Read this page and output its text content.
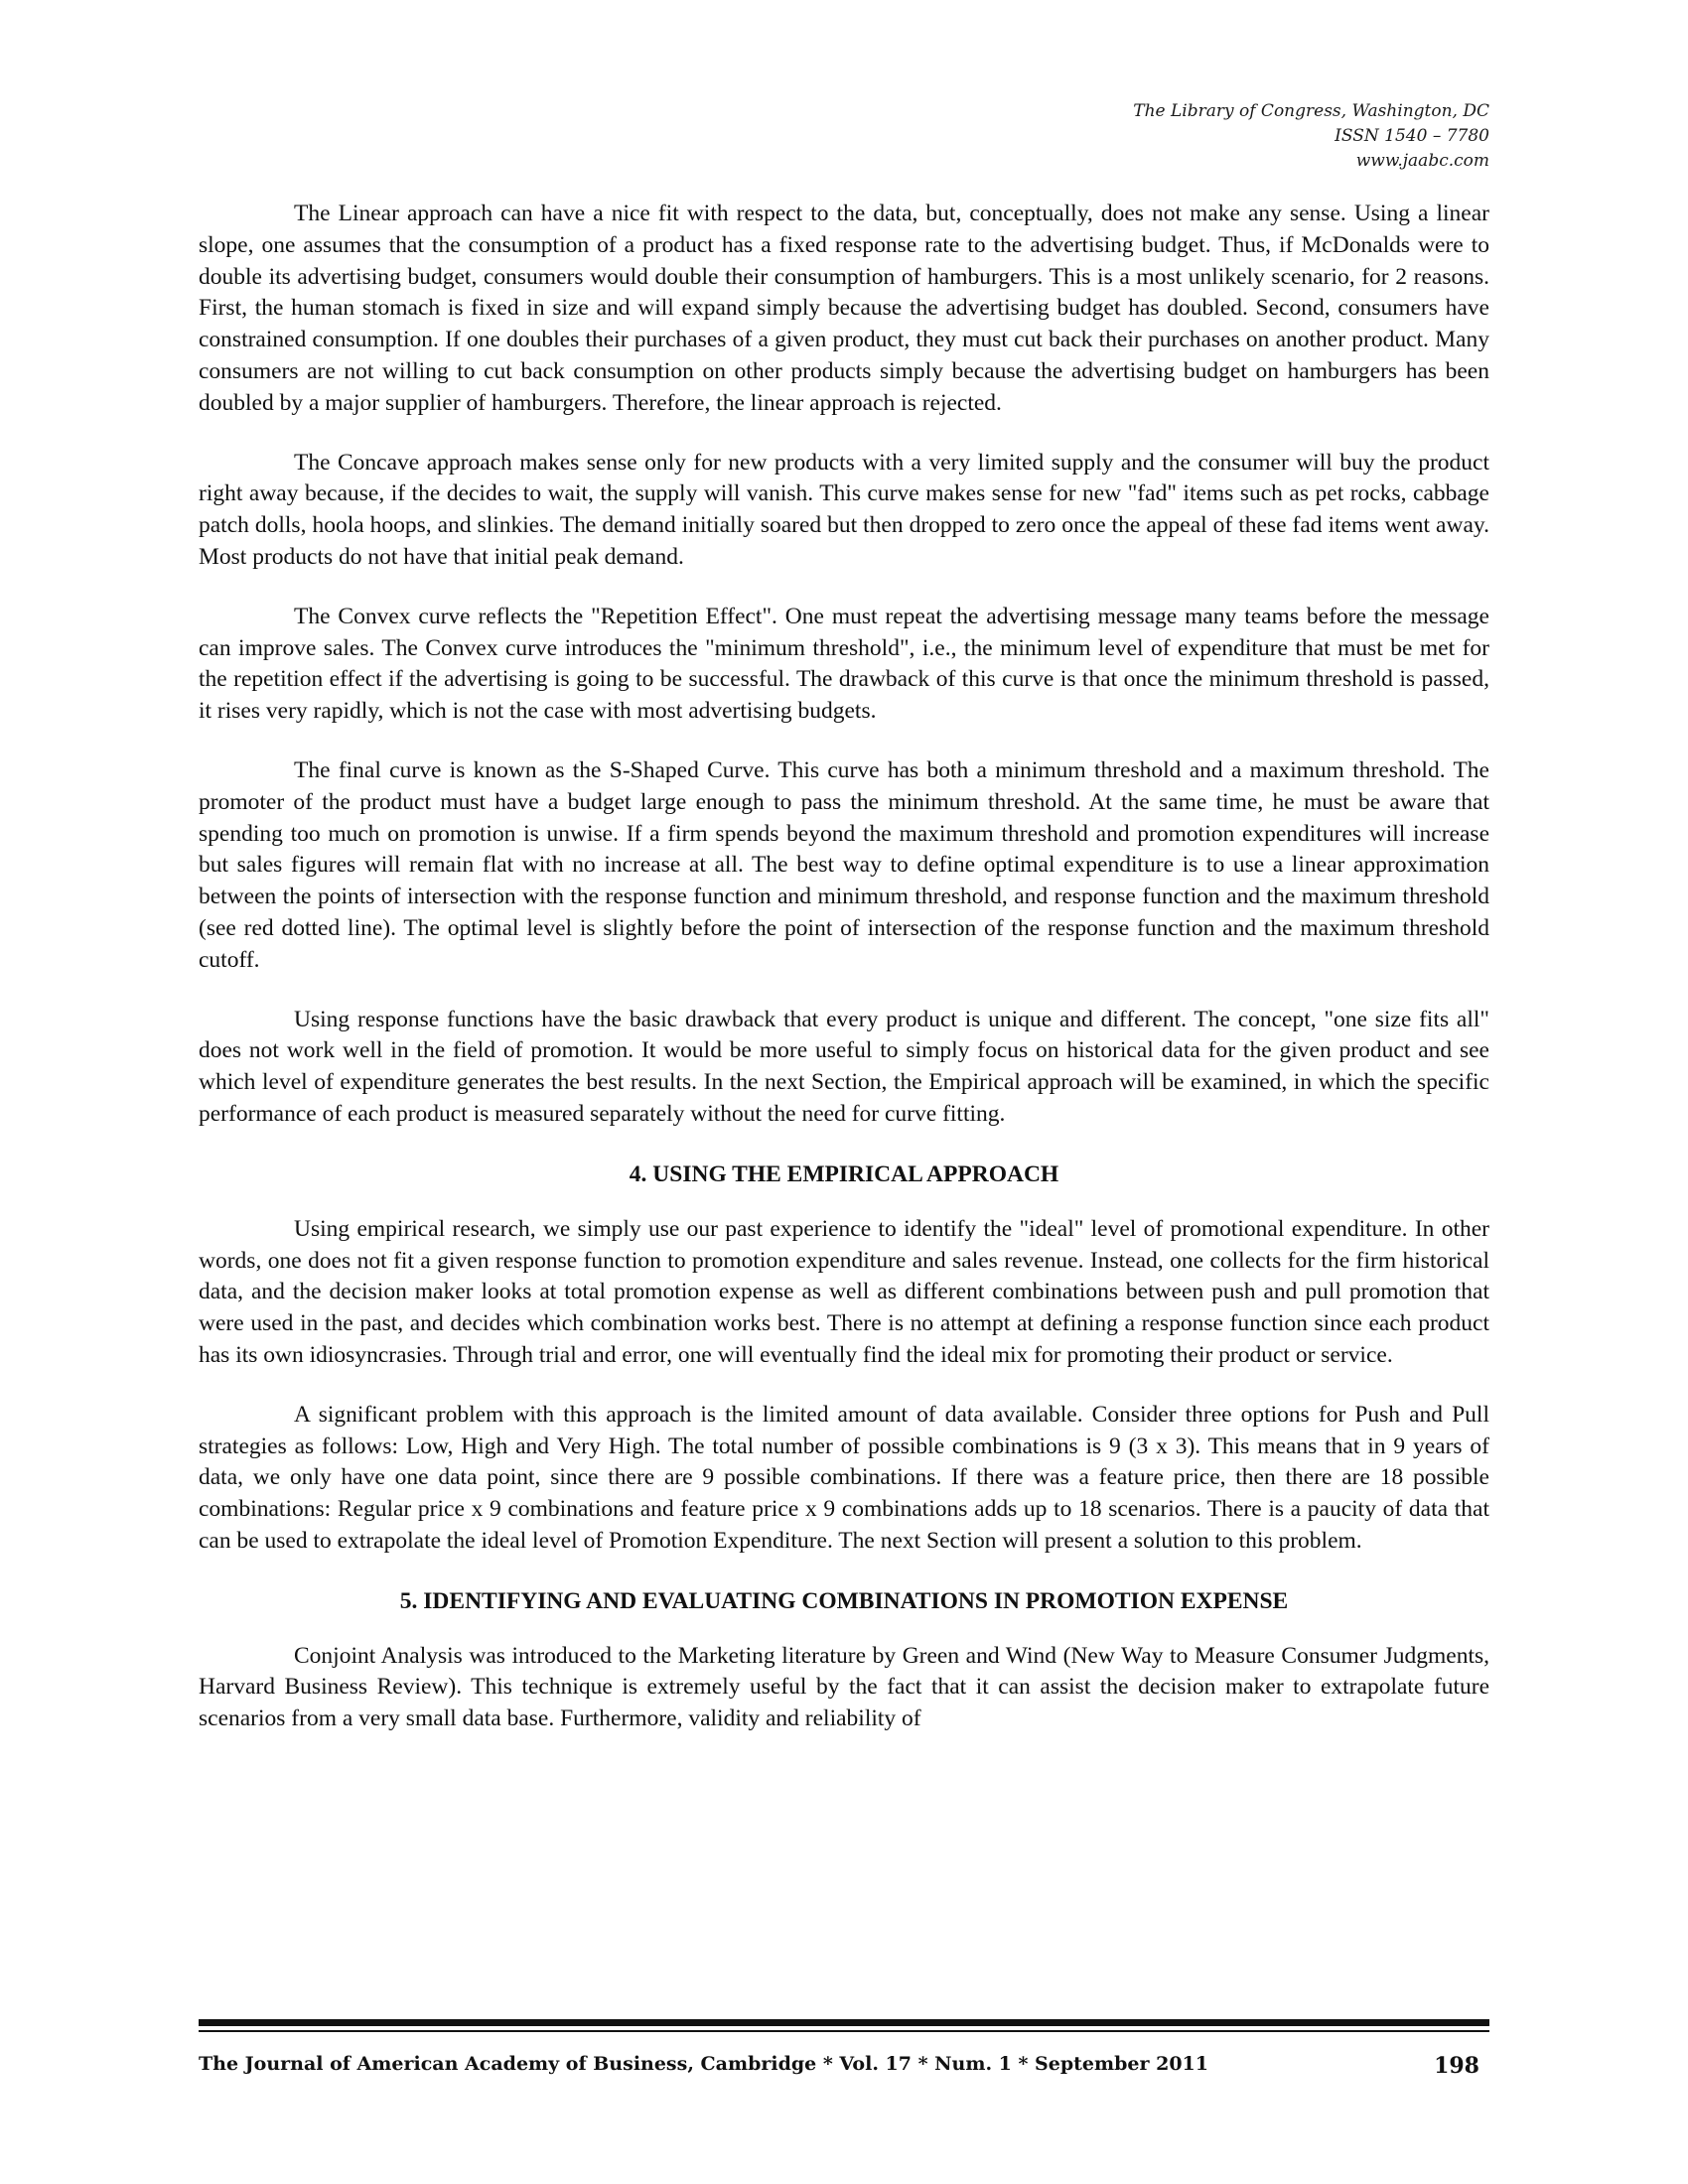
The Library of Congress, Washington, DC
ISSN 1540 – 7780
www.jaabc.com

The Linear approach can have a nice fit with respect to the data, but, conceptually, does not make any sense. Using a linear slope, one assumes that the consumption of a product has a fixed response rate to the advertising budget. Thus, if McDonalds were to double its advertising budget, consumers would double their consumption of hamburgers. This is a most unlikely scenario, for 2 reasons. First, the human stomach is fixed in size and will expand simply because the advertising budget has doubled. Second, consumers have constrained consumption. If one doubles their purchases of a given product, they must cut back their purchases on another product. Many consumers are not willing to cut back consumption on other products simply because the advertising budget on hamburgers has been doubled by a major supplier of hamburgers. Therefore, the linear approach is rejected.

The Concave approach makes sense only for new products with a very limited supply and the consumer will buy the product right away because, if the decides to wait, the supply will vanish. This curve makes sense for new "fad" items such as pet rocks, cabbage patch dolls, hoola hoops, and slinkies. The demand initially soared but then dropped to zero once the appeal of these fad items went away. Most products do not have that initial peak demand.

The Convex curve reflects the "Repetition Effect". One must repeat the advertising message many teams before the message can improve sales. The Convex curve introduces the "minimum threshold", i.e., the minimum level of expenditure that must be met for the repetition effect if the advertising is going to be successful. The drawback of this curve is that once the minimum threshold is passed, it rises very rapidly, which is not the case with most advertising budgets.

The final curve is known as the S-Shaped Curve. This curve has both a minimum threshold and a maximum threshold. The promoter of the product must have a budget large enough to pass the minimum threshold. At the same time, he must be aware that spending too much on promotion is unwise. If a firm spends beyond the maximum threshold and promotion expenditures will increase but sales figures will remain flat with no increase at all. The best way to define optimal expenditure is to use a linear approximation between the points of intersection with the response function and minimum threshold, and response function and the maximum threshold (see red dotted line). The optimal level is slightly before the point of intersection of the response function and the maximum threshold cutoff.

Using response functions have the basic drawback that every product is unique and different. The concept, "one size fits all" does not work well in the field of promotion. It would be more useful to simply focus on historical data for the given product and see which level of expenditure generates the best results. In the next Section, the Empirical approach will be examined, in which the specific performance of each product is measured separately without the need for curve fitting.

4. USING THE EMPIRICAL APPROACH

Using empirical research, we simply use our past experience to identify the "ideal" level of promotional expenditure. In other words, one does not fit a given response function to promotion expenditure and sales revenue. Instead, one collects for the firm historical data, and the decision maker looks at total promotion expense as well as different combinations between push and pull promotion that were used in the past, and decides which combination works best. There is no attempt at defining a response function since each product has its own idiosyncrasies. Through trial and error, one will eventually find the ideal mix for promoting their product or service.

A significant problem with this approach is the limited amount of data available. Consider three options for Push and Pull strategies as follows: Low, High and Very High. The total number of possible combinations is 9 (3 x 3). This means that in 9 years of data, we only have one data point, since there are 9 possible combinations. If there was a feature price, then there are 18 possible combinations: Regular price x 9 combinations and feature price x 9 combinations adds up to 18 scenarios. There is a paucity of data that can be used to extrapolate the ideal level of Promotion Expenditure. The next Section will present a solution to this problem.

5. IDENTIFYING AND EVALUATING COMBINATIONS IN PROMOTION EXPENSE

Conjoint Analysis was introduced to the Marketing literature by Green and Wind (New Way to Measure Consumer Judgments, Harvard Business Review). This technique is extremely useful by the fact that it can assist the decision maker to extrapolate future scenarios from a very small data base. Furthermore, validity and reliability of

The Journal of American Academy of Business, Cambridge * Vol. 17 * Num. 1 * September 2011	198
